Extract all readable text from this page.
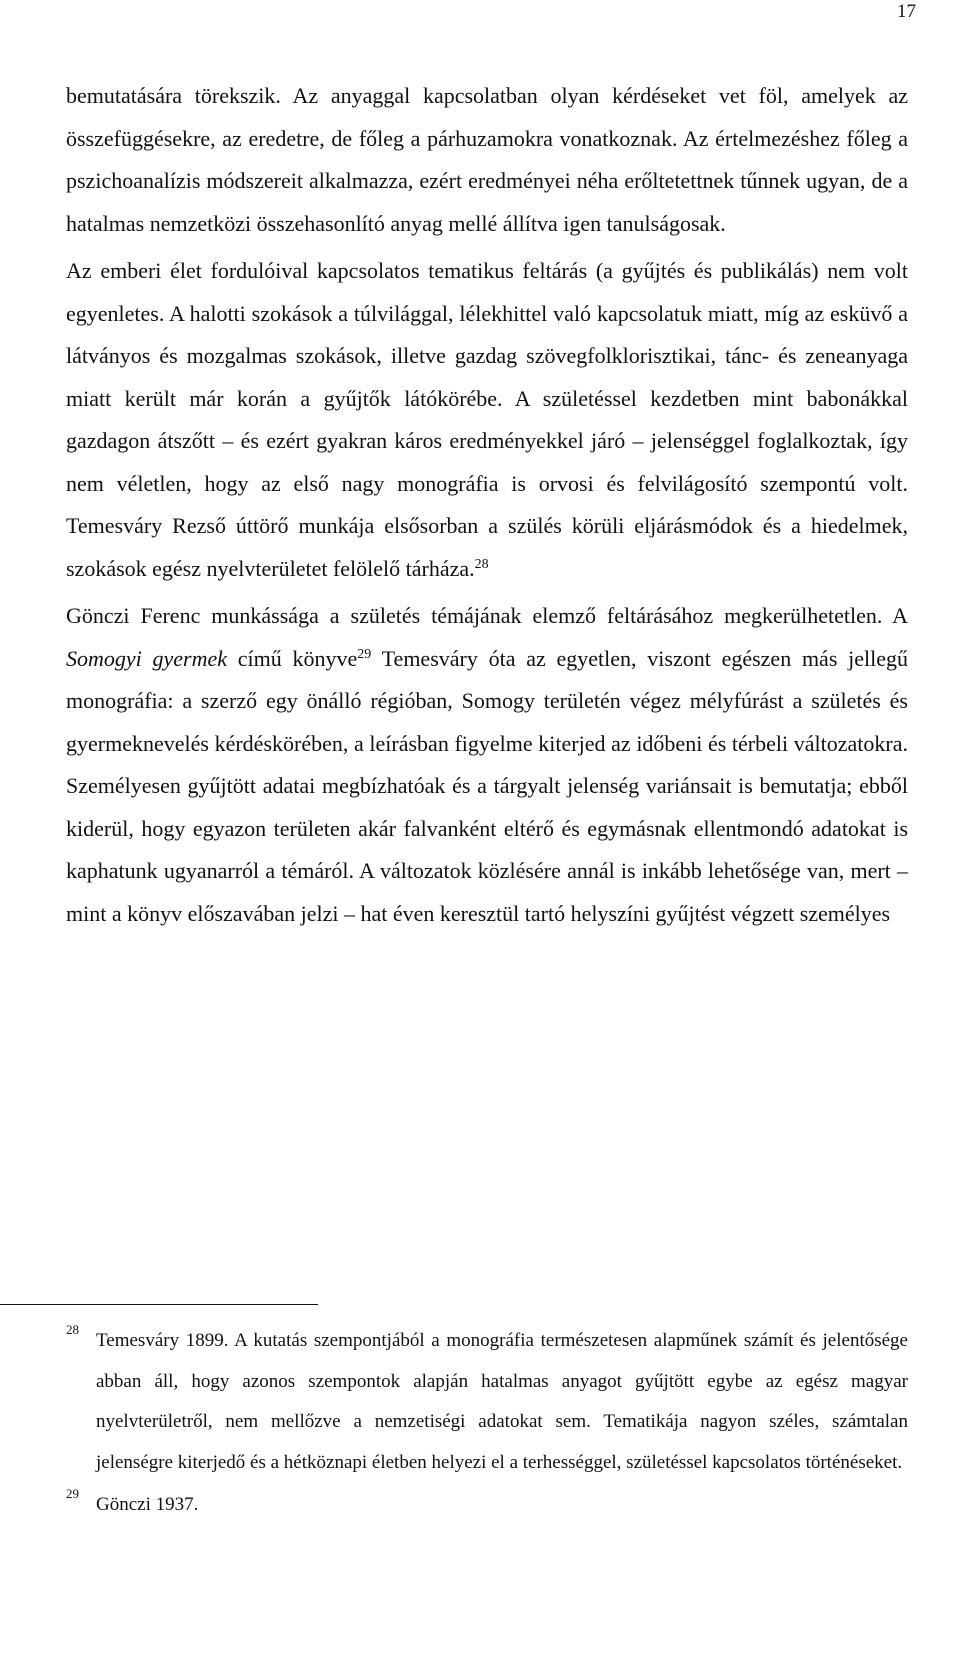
17

bemutatására törekszik. Az anyaggal kapcsolatban olyan kérdéseket vet föl, amelyek az összefüggésekre, az eredetre, de főleg a párhuzamokra vonatkoznak. Az értelmezéshez főleg a pszichoanalízis módszereit alkalmazza, ezért eredményei néha erőltetettnek tűnnek ugyan, de a hatalmas nemzetközi összehasonlító anyag mellé állítva igen tanulságosak.

Az emberi élet fordulóival kapcsolatos tematikus feltárás (a gyűjtés és publikálás) nem volt egyenletes. A halotti szokások a túlvilággal, lélekhittel való kapcsolatuk miatt, míg az esküvő a látványos és mozgalmas szokások, illetve gazdag szövegfolklorisztikai, tánc- és zeneanyaga miatt került már korán a gyűjtők látókörébe. A születéssel kezdetben mint babonákkal gazdagon átszőtt – és ezért gyakran káros eredményekkel járó – jelenséggel foglalkoztak, így nem véletlen, hogy az első nagy monográfia is orvosi és felvilágosító szempontú volt. Temesváry Rezső úttörő munkája elsősorban a szülés körüli eljárásmódok és a hiedelmek, szokások egész nyelvterületet felölelő tárháza.$^{28}$

Gönczi Ferenc munkássága a születés témájának elemző feltárásához megkerülhetetlen. A Somogyi gyermek című könyve$^{29}$ Temesváry óta az egyetlen, viszont egészen más jellegű monográfia: a szerző egy önálló régióban, Somogy területén végez mélyfúrást a születés és gyermeknevelés kérdéskörében, a leírásban figyelme kiterjed az időbeni és térbeli változatokra. Személyesen gyűjtött adatai megbízhatóak és a tárgyalt jelenség variánsait is bemutatja; ebből kiderül, hogy egyazon területen akár falvanként eltérő és egymásnak ellentmondó adatokat is kaphatunk ugyanarról a témáról. A változatok közlésére annál is inkább lehetősége van, mert – mint a könyv előszavában jelzi – hat éven keresztül tartó helyszíni gyűjtést végzett személyes

28
Temesváry 1899. A kutatás szempontjából a monográfia természetesen alapműnek számít és jelentősége abban áll, hogy azonos szempontok alapján hatalmas anyagot gyűjtött egybe az egész magyar nyelvterületről, nem mellőzve a nemzetiségi adatokat sem. Tematikája nagyon széles, számtalan jelenségre kiterjedő és a hétköznapi életben helyezi el a terhességgel, születéssel kapcsolatos történéseket.
29
Gönczi 1937.
